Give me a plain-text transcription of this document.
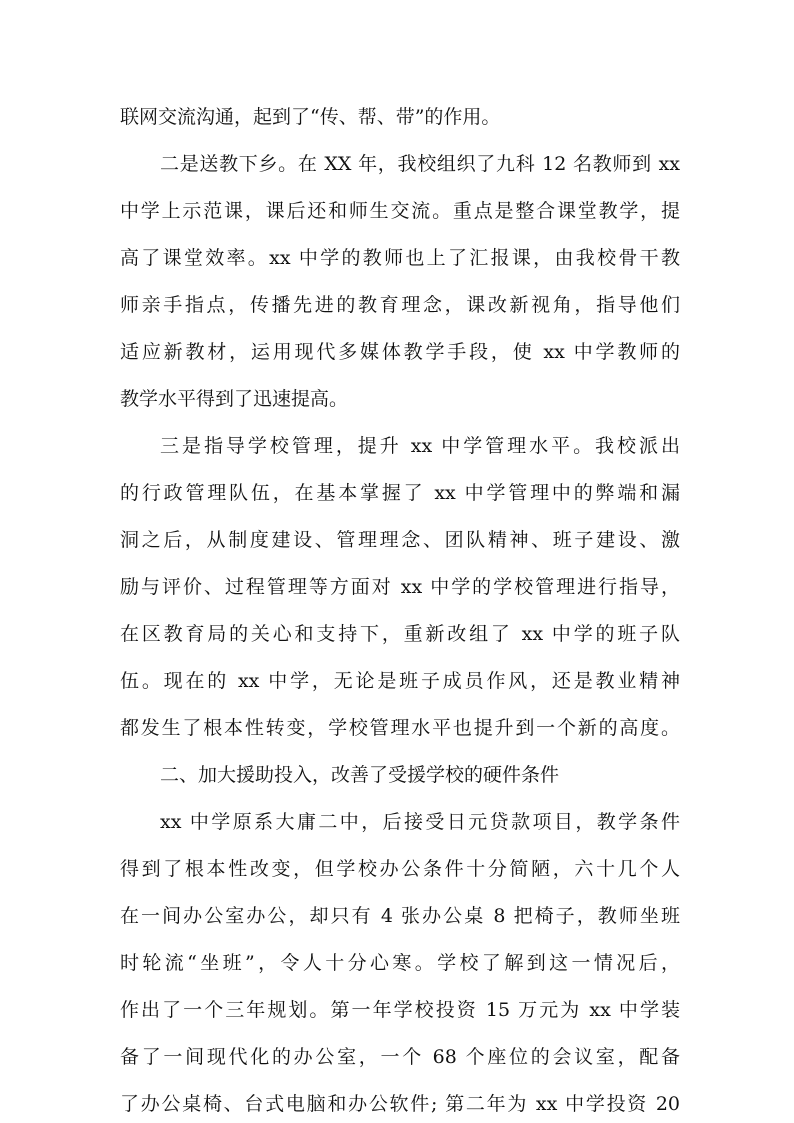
联网交流沟通，起到了“传、帮、带”的作用。
二是送教下乡。在 XX 年，我校组织了九科 12 名教师到 xx
中学上示范课，课后还和师生交流。重点是整合课堂教学，提
高了课堂效率。xx 中学的教师也上了汇报课，由我校骨干教
师亲手指点，传播先进的教育理念，课改新视角，指导他们
适应新教材，运用现代多媒体教学手段，使 xx 中学教师的
教学水平得到了迅速提高。
三是指导学校管理，提升 xx 中学管理水平。我校派出
的行政管理队伍，在基本掌握了 xx 中学管理中的弊端和漏
洞之后，从制度建设、管理理念、团队精神、班子建设、激
励与评价、过程管理等方面对 xx 中学的学校管理进行指导，
在区教育局的关心和支持下，重新改组了 xx 中学的班子队
伍。现在的 xx 中学，无论是班子成员作风，还是教业精神
都发生了根本性转变，学校管理水平也提升到一个新的高度。
二、加大援助投入，改善了受援学校的硬件条件
xx 中学原系大庸二中，后接受日元贷款项目，教学条件
得到了根本性改变，但学校办公条件十分简陋，六十几个人
在一间办公室办公，却只有 4 张办公桌 8 把椅子，教师坐班
时轮流“坐班”，令人十分心寒。学校了解到这一情况后，
作出了一个三年规划。第一年学校投资 15 万元为 xx 中学装
备了一间现代化的办公室，一个 68 个座位的会议室，配备
了办公桌椅、台式电脑和办公软件; 第二年为 xx 中学投资 20
